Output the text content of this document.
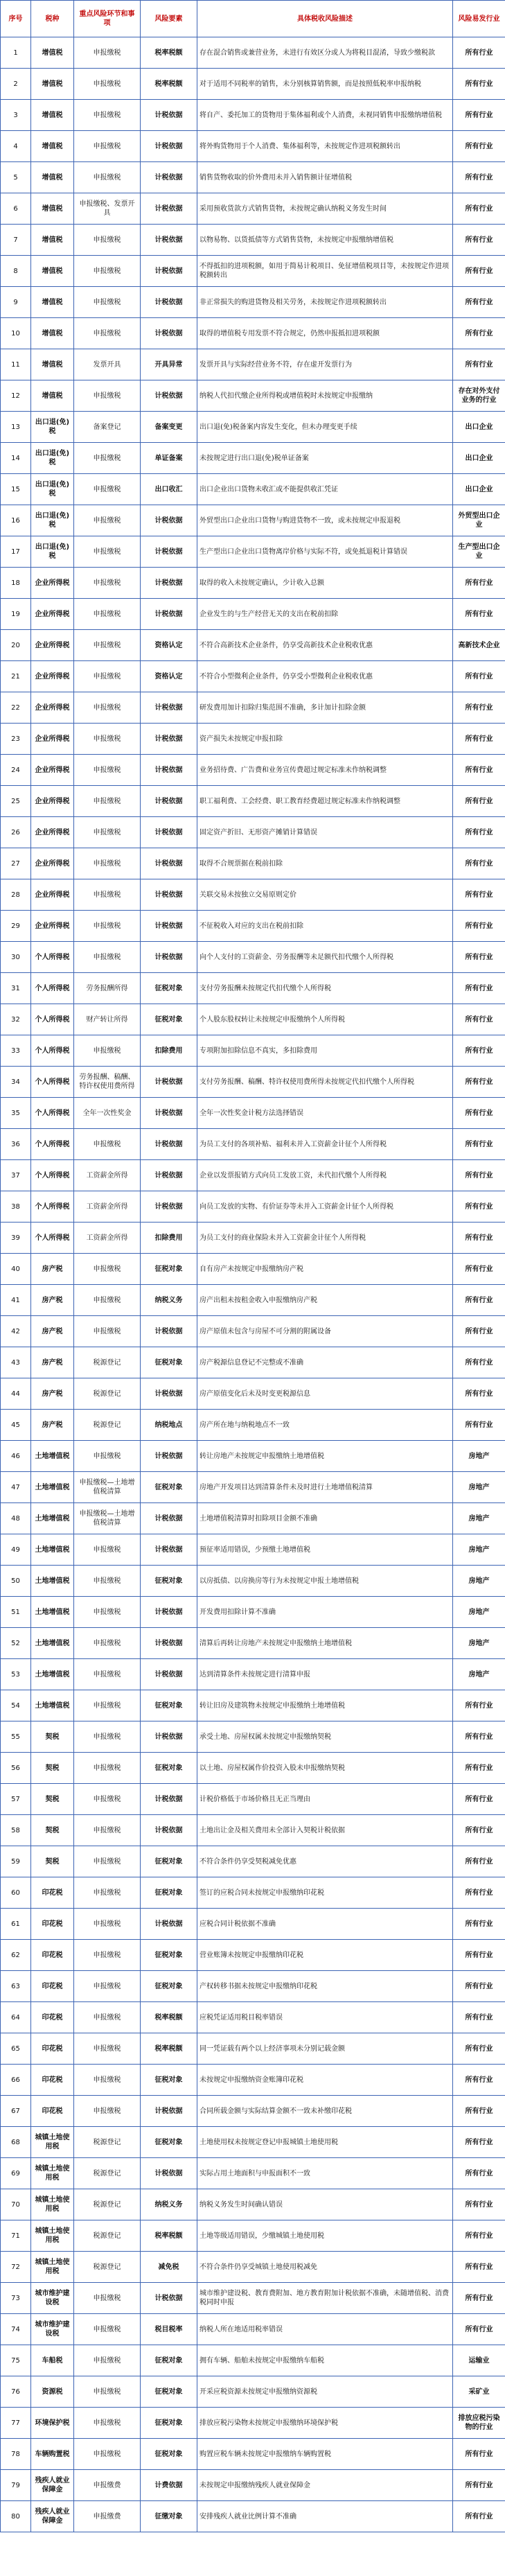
序号	税种	重点风险环节和事项	风险要素	具体税收风险描述	风险易发行业
1	增值税	申报缴税	税率税额	存在混合销售或兼营业务，未进行有效区分或人为将税目混淆，导致少缴税款	所有行业
2	增值税	申报缴税	税率税额	对于适用不同税率的销售，未分别核算销售额，而是按照低税率申报纳税	所有行业
3	增值税	申报缴税	计税依据	将自产、委托加工的货物用于集体福利或个人消费，未视同销售申报缴纳增值税	所有行业
4	增值税	申报缴税	计税依据	将外购货物用于个人消费、集体福利等，未按规定作进项税额转出	所有行业
5	增值税	申报缴税	计税依据	销售货物收取的价外费用未并入销售额计征增值税	所有行业
6	增值税	申报缴税、发票开具	计税依据	采用预收货款方式销售货物，未按规定确认纳税义务发生时间	所有行业
7	增值税	申报缴税	计税依据	以物易物、以货抵债等方式销售货物，未按规定申报缴纳增值税	所有行业
8	增值税	申报缴税	计税依据	不得抵扣的进项税额，如用于简易计税项目、免征增值税项目等，未按规定作进项税额转出	所有行业
9	增值税	申报缴税	计税依据	非正常损失的购进货物及相关劳务，未按规定作进项税额转出	所有行业
10	增值税	申报缴税	计税依据	取得的增值税专用发票不符合规定，仍然申报抵扣进项税额	所有行业
11	增值税	发票开具	开具异常	发票开具与实际经营业务不符，存在虚开发票行为	所有行业
12	增值税	申报缴税	计税依据	纳税人代扣代缴企业所得税或增值税时未按规定申报缴纳	存在对外支付业务的行业
13	出口退(免)税	备案登记	备案变更	出口退(免)税备案内容发生变化，但未办理变更手续	出口企业
14	出口退(免)税	申报缴税	单证备案	未按规定进行出口退(免)税单证备案	出口企业
15	出口退(免)税	申报缴税	出口收汇	出口企业出口货物未收汇或不能提供收汇凭证	出口企业
16	出口退(免)税	申报缴税	计税依据	外贸型出口企业出口货物与购进货物不一致，或未按规定申报退税	外贸型出口企业
17	出口退(免)税	申报缴税	计税依据	生产型出口企业出口货物离岸价格与实际不符，或免抵退税计算错误	生产型出口企业
18	企业所得税	申报缴税	计税依据	取得的收入未按规定确认，少计收入总额	所有行业
19	企业所得税	申报缴税	计税依据	企业发生的与生产经营无关的支出在税前扣除	所有行业
20	企业所得税	申报缴税	资格认定	不符合高新技术企业条件，仍享受高新技术企业税收优惠	高新技术企业
21	企业所得税	申报缴税	资格认定	不符合小型微利企业条件，仍享受小型微利企业税收优惠	所有行业
22	企业所得税	申报缴税	计税依据	研发费用加计扣除归集范围不准确，多计加计扣除金额	所有行业
23	企业所得税	申报缴税	计税依据	资产损失未按规定申报扣除	所有行业
24	企业所得税	申报缴税	计税依据	业务招待费、广告费和业务宣传费超过规定标准未作纳税调整	所有行业
25	企业所得税	申报缴税	计税依据	职工福利费、工会经费、职工教育经费超过规定标准未作纳税调整	所有行业
26	企业所得税	申报缴税	计税依据	固定资产折旧、无形资产摊销计算错误	所有行业
27	企业所得税	申报缴税	计税依据	取得不合规票据在税前扣除	所有行业
28	企业所得税	申报缴税	计税依据	关联交易未按独立交易原则定价	所有行业
29	企业所得税	申报缴税	计税依据	不征税收入对应的支出在税前扣除	所有行业
30	个人所得税	申报缴税	计税依据	向个人支付的工资薪金、劳务报酬等未足额代扣代缴个人所得税	所有行业
31	个人所得税	劳务报酬所得	征税对象	支付劳务报酬未按规定代扣代缴个人所得税	所有行业
32	个人所得税	财产转让所得	征税对象	个人股东股权转让未按规定申报缴纳个人所得税	所有行业
33	个人所得税	申报缴税	扣除费用	专项附加扣除信息不真实，多扣除费用	所有行业
34	个人所得税	劳务报酬、稿酬、特许权使用费所得	计税依据	支付劳务报酬、稿酬、特许权使用费所得未按规定代扣代缴个人所得税	所有行业
35	个人所得税	全年一次性奖金	计税依据	全年一次性奖金计税方法选择错误	所有行业
36	个人所得税	申报缴税	计税依据	为员工支付的各项补贴、福利未并入工资薪金计征个人所得税	所有行业
37	个人所得税	工资薪金所得	计税依据	企业以发票报销方式向员工发放工资，未代扣代缴个人所得税	所有行业
38	个人所得税	工资薪金所得	计税依据	向员工发放的实物、有价证券等未并入工资薪金计征个人所得税	所有行业
39	个人所得税	工资薪金所得	扣除费用	为员工支付的商业保险未并入工资薪金计征个人所得税	所有行业
40	房产税	申报缴税	征税对象	自有房产未按规定申报缴纳房产税	所有行业
41	房产税	申报缴税	纳税义务	房产出租未按租金收入申报缴纳房产税	所有行业
42	房产税	申报缴税	计税依据	房产原值未包含与房屋不可分割的附属设备	所有行业
43	房产税	税源登记	征税对象	房产税源信息登记不完整或不准确	所有行业
44	房产税	税源登记	计税依据	房产原值变化后未及时变更税源信息	所有行业
45	房产税	税源登记	纳税地点	房产所在地与纳税地点不一致	所有行业
46	土地增值税	申报缴税	计税依据	转让房地产未按规定申报缴纳土地增值税	房地产
47	土地增值税	申报缴税—土地增值税清算	征税对象	房地产开发项目达到清算条件未及时进行土地增值税清算	房地产
48	土地增值税	申报缴税—土地增值税清算	计税依据	土地增值税清算时扣除项目金额不准确	房地产
49	土地增值税	申报缴税	计税依据	预征率适用错误，少预缴土地增值税	房地产
50	土地增值税	申报缴税	征税对象	以房抵债、以房换房等行为未按规定申报土地增值税	房地产
51	土地增值税	申报缴税	计税依据	开发费用扣除计算不准确	房地产
52	土地增值税	申报缴税	计税依据	清算后再转让房地产未按规定申报缴纳土地增值税	房地产
53	土地增值税	申报缴税	计税依据	达到清算条件未按规定进行清算申报	房地产
54	土地增值税	申报缴税	征税对象	转让旧房及建筑物未按规定申报缴纳土地增值税	所有行业
55	契税	申报缴税	计税依据	承受土地、房屋权属未按规定申报缴纳契税	所有行业
56	契税	申报缴税	征税对象	以土地、房屋权属作价投资入股未申报缴纳契税	所有行业
57	契税	申报缴税	计税依据	计税价格低于市场价格且无正当理由	所有行业
58	契税	申报缴税	计税依据	土地出让金及相关费用未全部计入契税计税依据	所有行业
59	契税	申报缴税	征税对象	不符合条件仍享受契税减免优惠	所有行业
60	印花税	申报缴税	征税对象	签订的应税合同未按规定申报缴纳印花税	所有行业
61	印花税	申报缴税	计税依据	应税合同计税依据不准确	所有行业
62	印花税	申报缴税	征税对象	营业账簿未按规定申报缴纳印花税	所有行业
63	印花税	申报缴税	征税对象	产权转移书据未按规定申报缴纳印花税	所有行业
64	印花税	申报缴税	税率税额	应税凭证适用税目税率错误	所有行业
65	印花税	申报缴税	税率税额	同一凭证载有两个以上经济事项未分别记载金额	所有行业
66	印花税	申报缴税	征税对象	未按规定申报缴纳资金账簿印花税	所有行业
67	印花税	申报缴税	计税依据	合同所载金额与实际结算金额不一致未补缴印花税	所有行业
68	城镇土地使用税	税源登记	征税对象	土地使用权未按规定登记申报城镇土地使用税	所有行业
69	城镇土地使用税	税源登记	计税依据	实际占用土地面积与申报面积不一致	所有行业
70	城镇土地使用税	税源登记	纳税义务	纳税义务发生时间确认错误	所有行业
71	城镇土地使用税	税源登记	税率税额	土地等级适用错误，少缴城镇土地使用税	所有行业
72	城镇土地使用税	税源登记	减免税	不符合条件仍享受城镇土地使用税减免	所有行业
73	城市维护建设税	申报缴税	计税依据	城市维护建设税、教育费附加、地方教育附加计税依据不准确，未随增值税、消费税同时申报	所有行业
74	城市维护建设税	申报缴税	税目税率	纳税人所在地适用税率错误	所有行业
75	车船税	申报缴税	征税对象	拥有车辆、船舶未按规定申报缴纳车船税	运输业
76	资源税	申报缴税	征税对象	开采应税资源未按规定申报缴纳资源税	采矿业
77	环境保护税	申报缴税	征税对象	排放应税污染物未按规定申报缴纳环境保护税	排放应税污染物的行业
78	车辆购置税	申报缴税	征税对象	购置应税车辆未按规定申报缴纳车辆购置税	所有行业
79	残疾人就业保障金	申报缴费	计费依据	未按规定申报缴纳残疾人就业保障金	所有行业
80	残疾人就业保障金	申报缴费	征缴对象	安排残疾人就业比例计算不准确	所有行业
